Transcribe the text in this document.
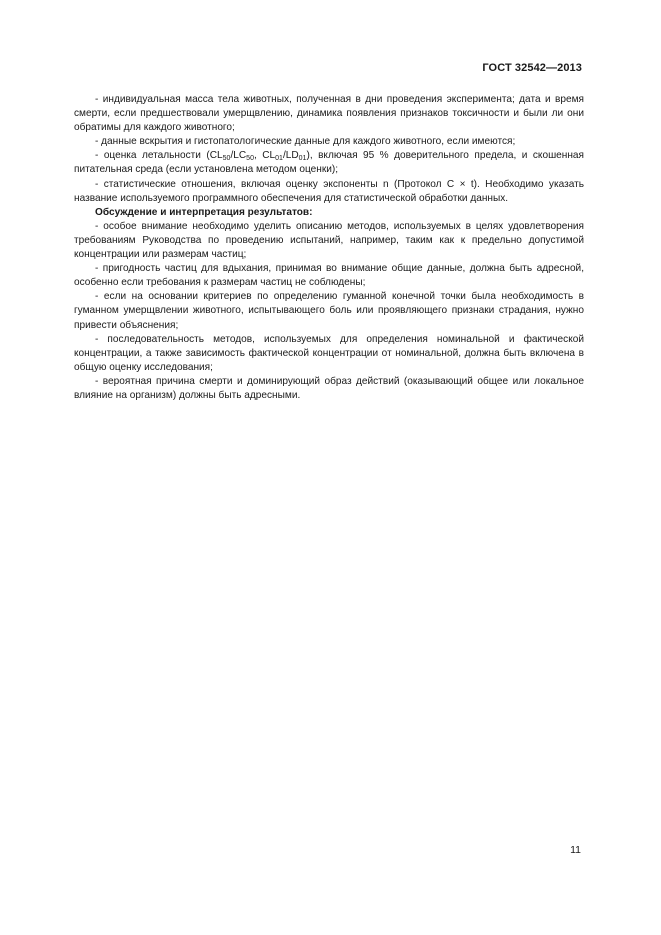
ГОСТ 32542—2013

- индивидуальная масса тела животных, полученная в дни проведения эксперимента; дата и время смерти, если предшествовали умерщвлению, динамика появления признаков токсичности и были ли они обратимы для каждого животного;

- данные вскрытия и гистопатологические данные для каждого животного, если имеются;

- оценка летальности ($CL_{50}/LC_{50}$, $CL_{01}/LD_{01}$), включая 95 % доверительного предела, и скошенная питательная среда (если установлена методом оценки);

- статистические отношения, включая оценку экспоненты n (Протокол C × t). Необходимо указать название используемого программного обеспечения для статистической обработки данных.

Обсуждение и интерпретация результатов:

- особое внимание необходимо уделить описанию методов, используемых в целях удовлетворения требованиям Руководства по проведению испытаний, например, таким как к предельно допустимой концентрации или размерам частиц;

- пригодность частиц для вдыхания, принимая во внимание общие данные, должна быть адресной, особенно если требования к размерам частиц не соблюдены;

- если на основании критериев по определению гуманной конечной точки была необходимость в гуманном умерщвлении животного, испытывающего боль или проявляющего признаки страдания, нужно привести объяснения;

- последовательность методов, используемых для определения номинальной и фактической концентрации, а также зависимость фактической концентрации от номинальной, должна быть включена в общую оценку исследования;

- вероятная причина смерти и доминирующий образ действий (оказывающий общее или локальное влияние на организм) должны быть адресными.

11
